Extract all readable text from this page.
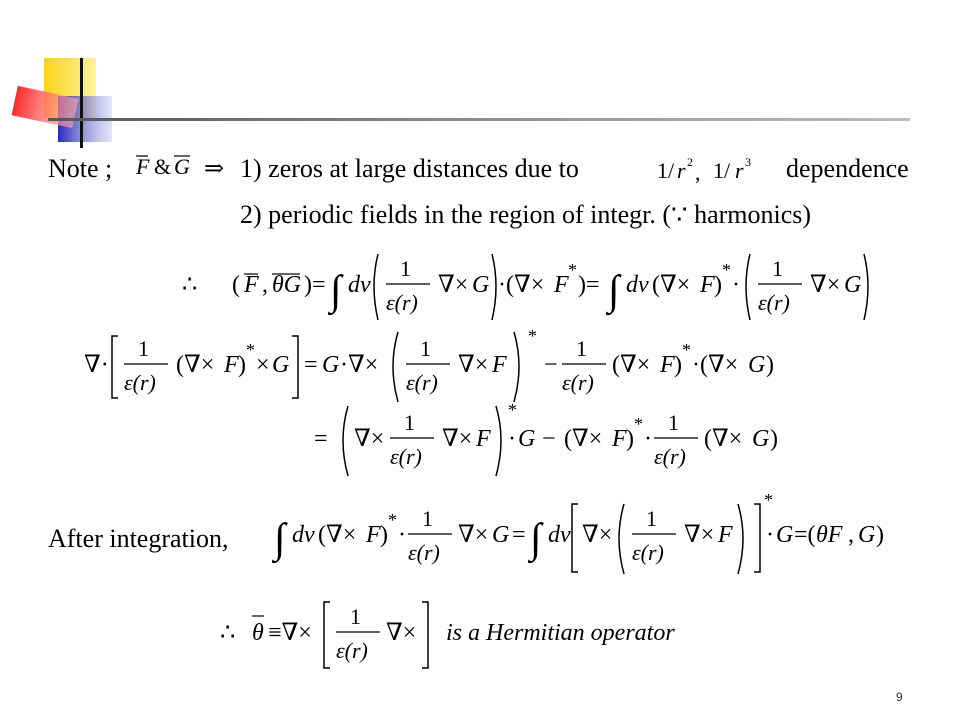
Note ; F & G ⇒ 1) zeros at large distances due to	1/ r 2 , 1/ r 3 dependence
2) periodic fields in the region of integr. (∵ harmonics)
∴ ( F , θG )= ∫ dv
1
ε(r)
∇× G ·(∇× F
*
)= ∫ dv (∇× F )
*
·
1
ε(r)
∇× G
∇·
1
ε(r)
(∇× F )
*
× G = G ·∇×
1
ε(r)
∇× F
*
−
1
ε(r)
(∇× F )
*
·(∇× G )
= ∇×
1
ε(r)
∇× F
*
· G − (∇× F )
*
·
1
ε(r)
(∇× G )
After integration, ∫ dv (∇× F )
*
·
1
ε(r)
∇× G = ∫ dv ∇×
1
ε(r)
∇× F
*
· G =( θF , G )
∴ θ ≡∇×
1
ε(r)
∇× is a Hermitian operator
9
